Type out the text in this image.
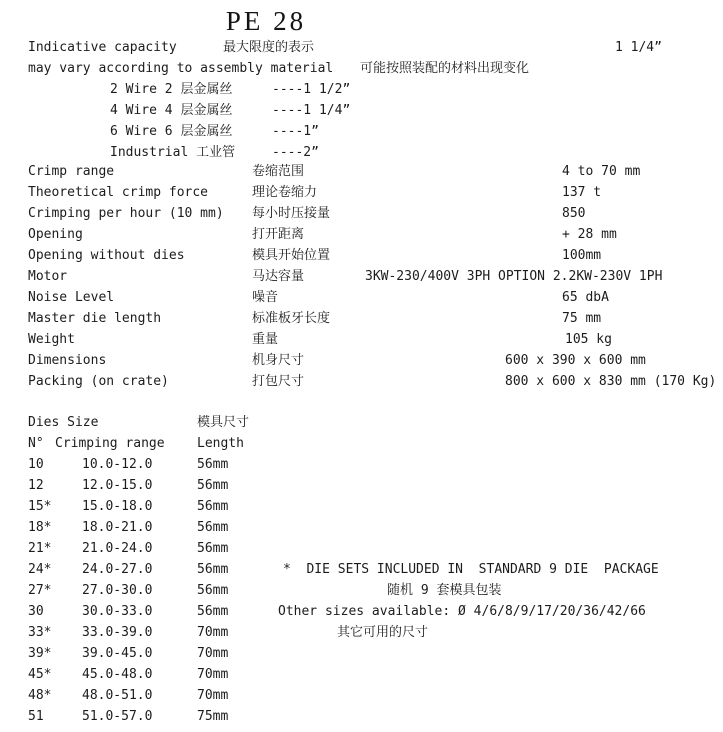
PE 28
Indicative capacity	最大限度的表示	1 1/4”
may vary according to assembly material 可能按照装配的材料出现变化
2 Wire 2 层金属丝	----1 1/2”
4 Wire 4 层金属丝	----1 1/4”
6 Wire 6 层金属丝	----1”
Industrial 工业管	----2”
Crimp range	卷缩范围	4 to 70 mm
Theoretical crimp force	理论卷缩力	137 t
Crimping per hour (10 mm) 每小时压接量	850
Opening	打开距离	+ 28 mm
Opening without dies	模具开始位置	100mm
Motor	马达容量	3KW-230/400V 3PH OPTION 2.2KW-230V 1PH
Noise Level	噪音	65 dbA
Master die length	标准板牙长度	75 mm
Weight	重量	105 kg
Dimensions	机身尺寸	600 x 390 x 600 mm
Packing (on crate)	打包尺寸	800 x 600 x 830 mm (170 Kg)
Dies Size	模具尺寸
N° Crimping range Length
10	10.0-12.0	56mm
12	12.0-15.0	56mm
15* 15.0-18.0	56mm
18* 18.0-21.0	56mm
21* 21.0-24.0	56mm
24* 24.0-27.0	56mm
27* 27.0-30.0	56mm
30	30.0-33.0	56mm
33* 33.0-39.0	70mm
39* 39.0-45.0	70mm
45* 45.0-48.0	70mm
48* 48.0-51.0	70mm
51	51.0-57.0	75mm
*  DIE SETS INCLUDED IN  STANDARD 9 DIE  PACKAGE
随机 9 套模具包装
Other sizes available: Ø 4/6/8/9/17/20/36/42/66
其它可用的尺寸
